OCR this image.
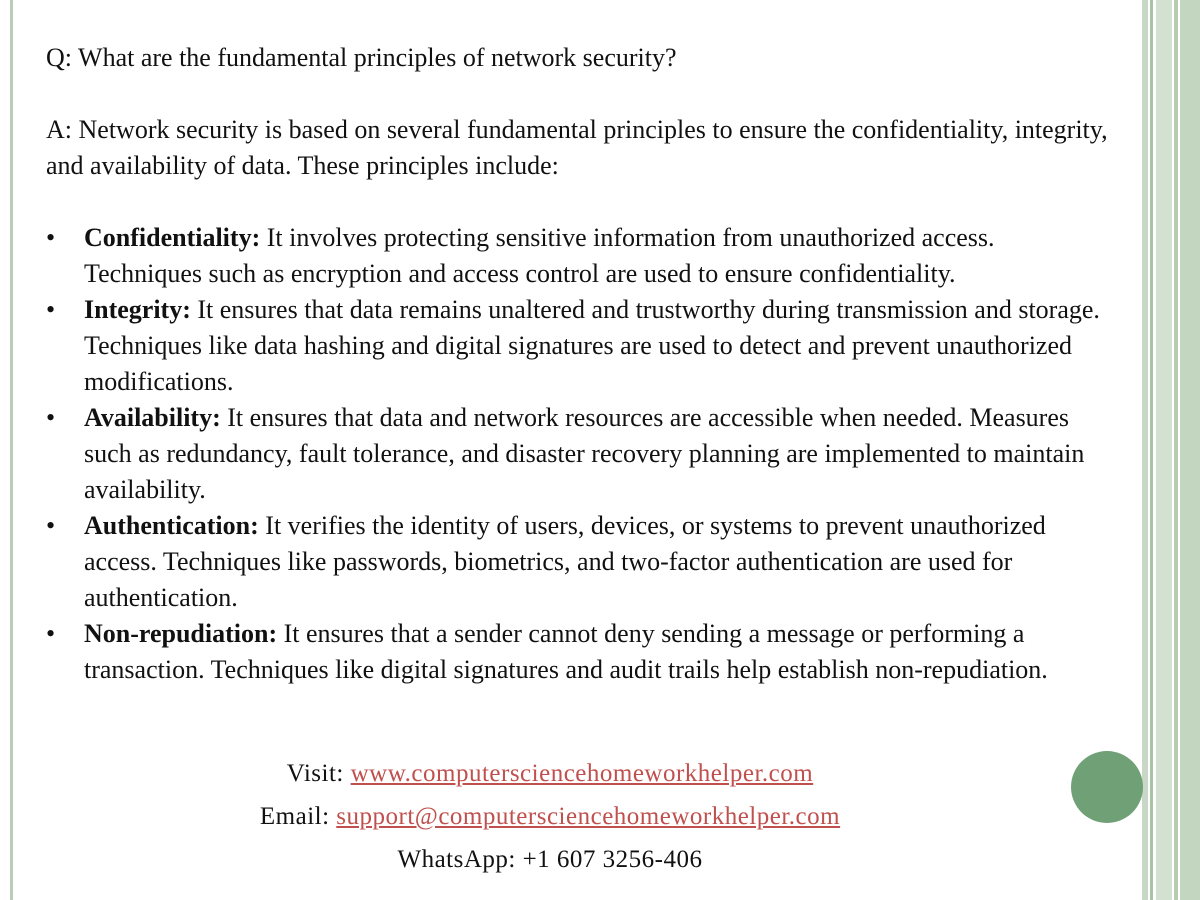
Q: What are the fundamental principles of network security?

A: Network security is based on several fundamental principles to ensure the confidentiality, integrity, and availability of data. These principles include:

•	Confidentiality: It involves protecting sensitive information from unauthorized access. Techniques such as encryption and access control are used to ensure confidentiality.
•	Integrity: It ensures that data remains unaltered and trustworthy during transmission and storage. Techniques like data hashing and digital signatures are used to detect and prevent unauthorized modifications.
•	Availability: It ensures that data and network resources are accessible when needed. Measures such as redundancy, fault tolerance, and disaster recovery planning are implemented to maintain availability.
•	Authentication: It verifies the identity of users, devices, or systems to prevent unauthorized access. Techniques like passwords, biometrics, and two-factor authentication are used for authentication.
•	Non-repudiation: It ensures that a sender cannot deny sending a message or performing a transaction. Techniques like digital signatures and audit trails help establish non-repudiation.
Visit: www.computersciencehomeworkhelper.com
Email: support@computersciencehomeworkhelper.com
WhatsApp: +1 607 3256-406
